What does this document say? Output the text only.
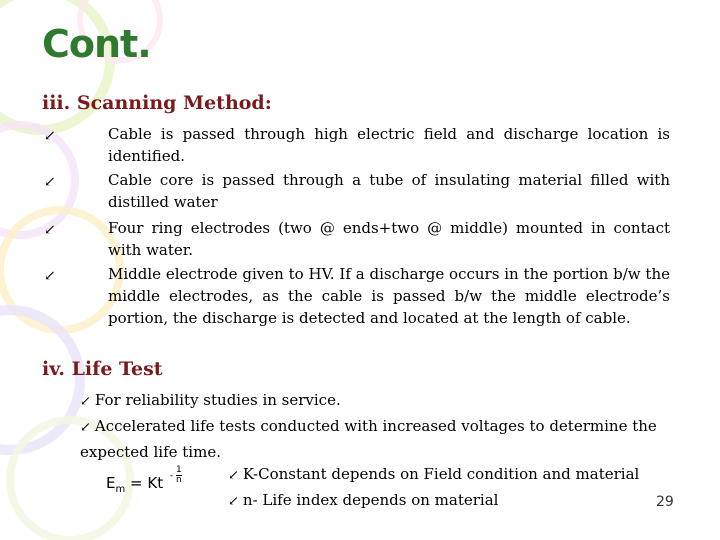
Cont.
iii. Scanning Method:
↙	Cable is passed through high electric field and discharge location is identified.
↙	Cable core is passed through a tube of insulating material filled with distilled water
↙	Four ring electrodes (two @ ends+two @ middle) mounted in contact with water.
↙	Middle electrode given to HV. If a discharge occurs in the portion b/w the middle electrodes, as the cable is passed b/w the middle electrode’s portion, the discharge is detected and located at the length of cable.
iv. Life Test
↙ For reliability studies in service.
↙ Accelerated life tests conducted with increased voltages to determine the expected life time.
$E_m = Kt - \frac{1}{n}$	↙ K-Constant depends on Field condition and material
↙ n- Life index depends on material	29
